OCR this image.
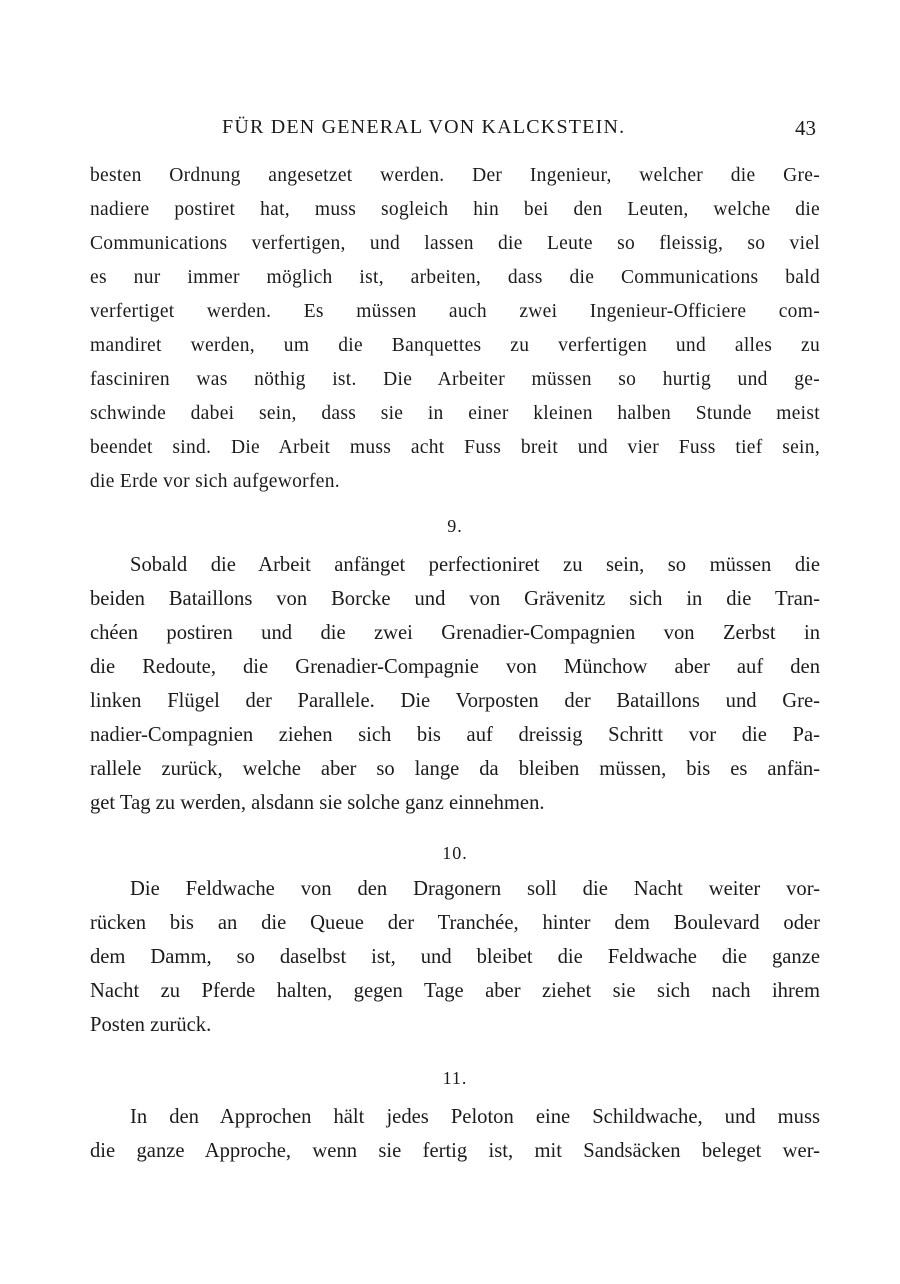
FÜR DEN GENERAL VON KALCKSTEIN.	43
besten Ordnung angesetzet werden. Der Ingenieur, welcher die Gre-
nadiere postiret hat, muss sogleich hin bei den Leuten, welche die
Communications verfertigen, und lassen die Leute so fleissig, so viel
es nur immer möglich ist, arbeiten, dass die Communications bald
verfertiget werden. Es müssen auch zwei Ingenieur-Officiere com-
mandiret werden, um die Banquettes zu verfertigen und alles zu
fasciniren was nöthig ist. Die Arbeiter müssen so hurtig und ge-
schwinde dabei sein, dass sie in einer kleinen halben Stunde meist
beendet sind. Die Arbeit muss acht Fuss breit und vier Fuss tief sein,
die Erde vor sich aufgeworfen.
9.
Sobald die Arbeit anfänget perfectioniret zu sein, so müssen die
beiden Bataillons von Borcke und von Grävenitz sich in die Tran-
chéen postiren und die zwei Grenadier-Compagnien von Zerbst in
die Redoute, die Grenadier-Compagnie von Münchow aber auf den
linken Flügel der Parallele. Die Vorposten der Bataillons und Gre-
nadier-Compagnien ziehen sich bis auf dreissig Schritt vor die Pa-
rallele zurück, welche aber so lange da bleiben müssen, bis es anfän-
get Tag zu werden, alsdann sie solche ganz einnehmen.
10.
Die Feldwache von den Dragonern soll die Nacht weiter vor-
rücken bis an die Queue der Tranchée, hinter dem Boulevard oder
dem Damm, so daselbst ist, und bleibet die Feldwache die ganze
Nacht zu Pferde halten, gegen Tage aber ziehet sie sich nach ihrem
Posten zurück.
11.
In den Approchen hält jedes Peloton eine Schildwache, und muss
die ganze Approche, wenn sie fertig ist, mit Sandsäcken beleget wer-
